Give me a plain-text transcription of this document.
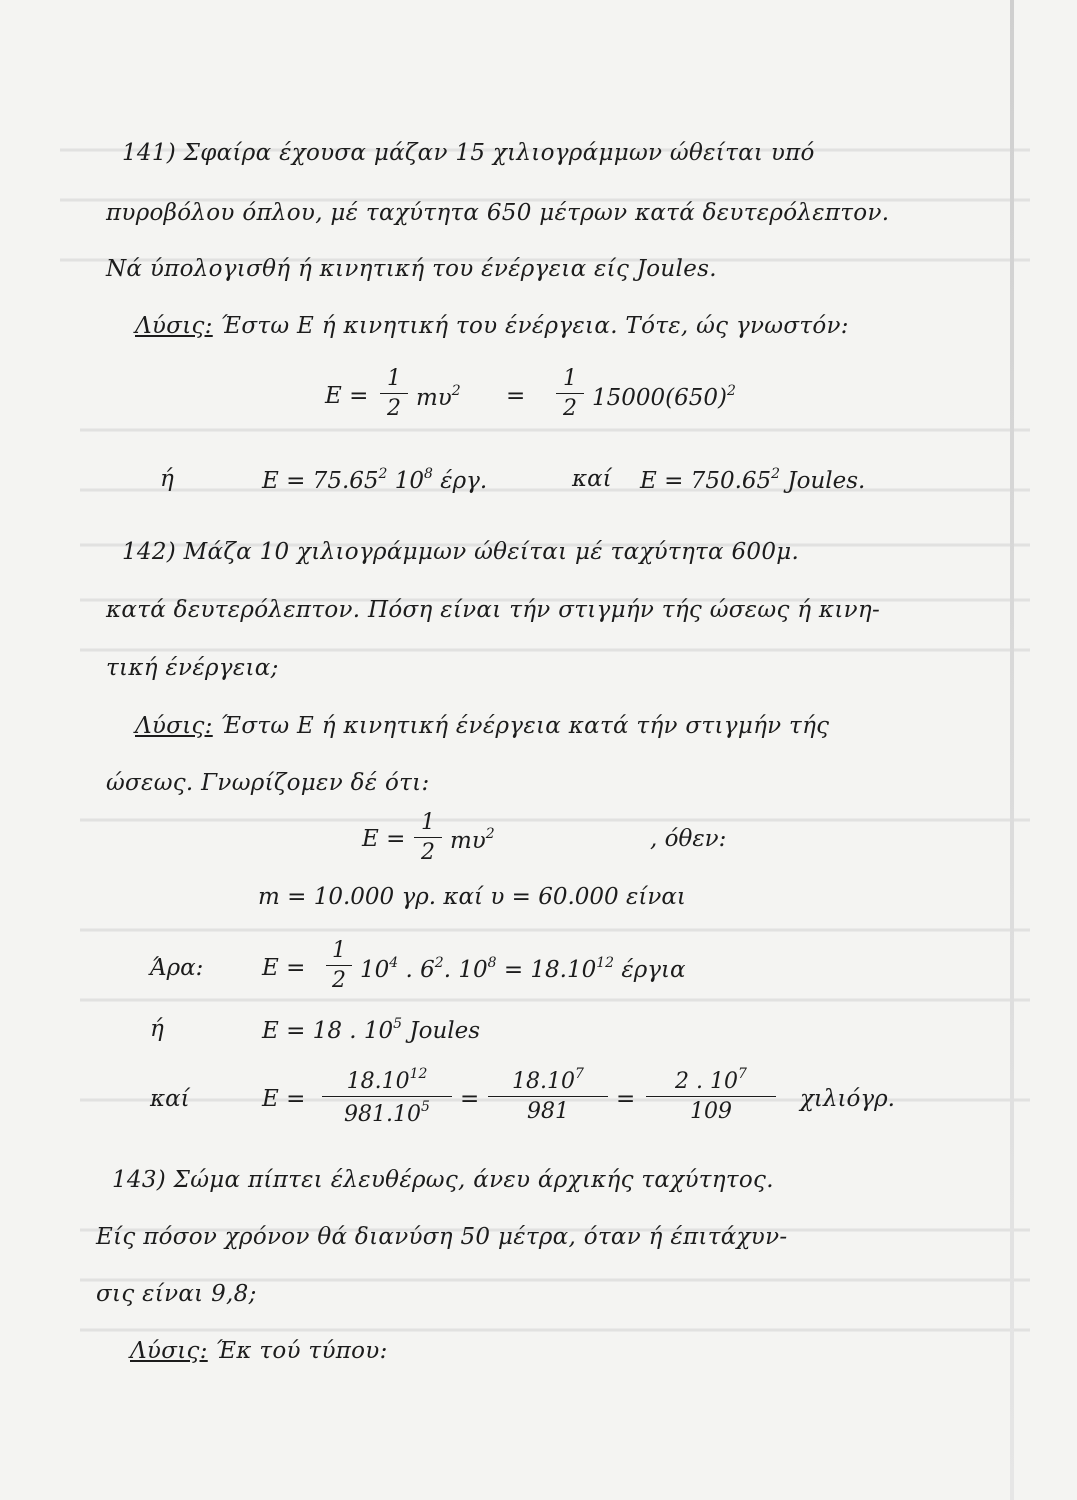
141) Σφαίρα έχουσα μάζαν 15 χιλιογράμμων ώθείται υπό
πυροβόλου όπλου, μέ ταχύτητα 650 μέτρων κατά δευτερόλεπτον.
Νά ύπολογισθή ή κινητική του ένέργεια είς Joules.
Λύσις: Έστω Ε ή κινητική του ένέργεια. Τότε, ώς γνωστόν:
E =
1
2 $m\upsilon^2$ =
1
2 $15000(650)^2$
ή	$E = 75.65^2$ $10^8$ έργ.	καί $E = 750.65^2$ Joules.
142) Μάζα 10 χιλιογράμμων ώθείται μέ ταχύτητα 600μ.
κατά δευτερόλεπτον. Πόση είναι τήν στιγμήν τής ώσεως ή κινη-
τική ένέργεια;
Λύσις: Έστω Ε ή κινητική ένέργεια κατά τήν στιγμήν τής
ώσεως. Γνωρίζομεν δέ ότι:
E =
1
2 $m\upsilon^2$	, όθεν:
m = 10.000 γρ. καί υ = 60.000 είναι
Άρα:	E =
1
2 $10^4$ . $6^2$. $10^8 = 18.10^{12}$ έργια
ή	E = 18 . $10^5$ Joules
καί	E =
$18.10^{12}$
$981.10^5$	=
$18.10^7$
981	=
2 . $10^7$
109	χιλιόγρ.
143) Σώμα πίπτει έλευθέρως, άνευ άρχικής ταχύτητος.
Είς πόσον χρόνον θά διανύση 50 μέτρα, όταν ή έπιτάχυν-
σις είναι 9,8;
Λύσις: Έκ τού τύπου:
